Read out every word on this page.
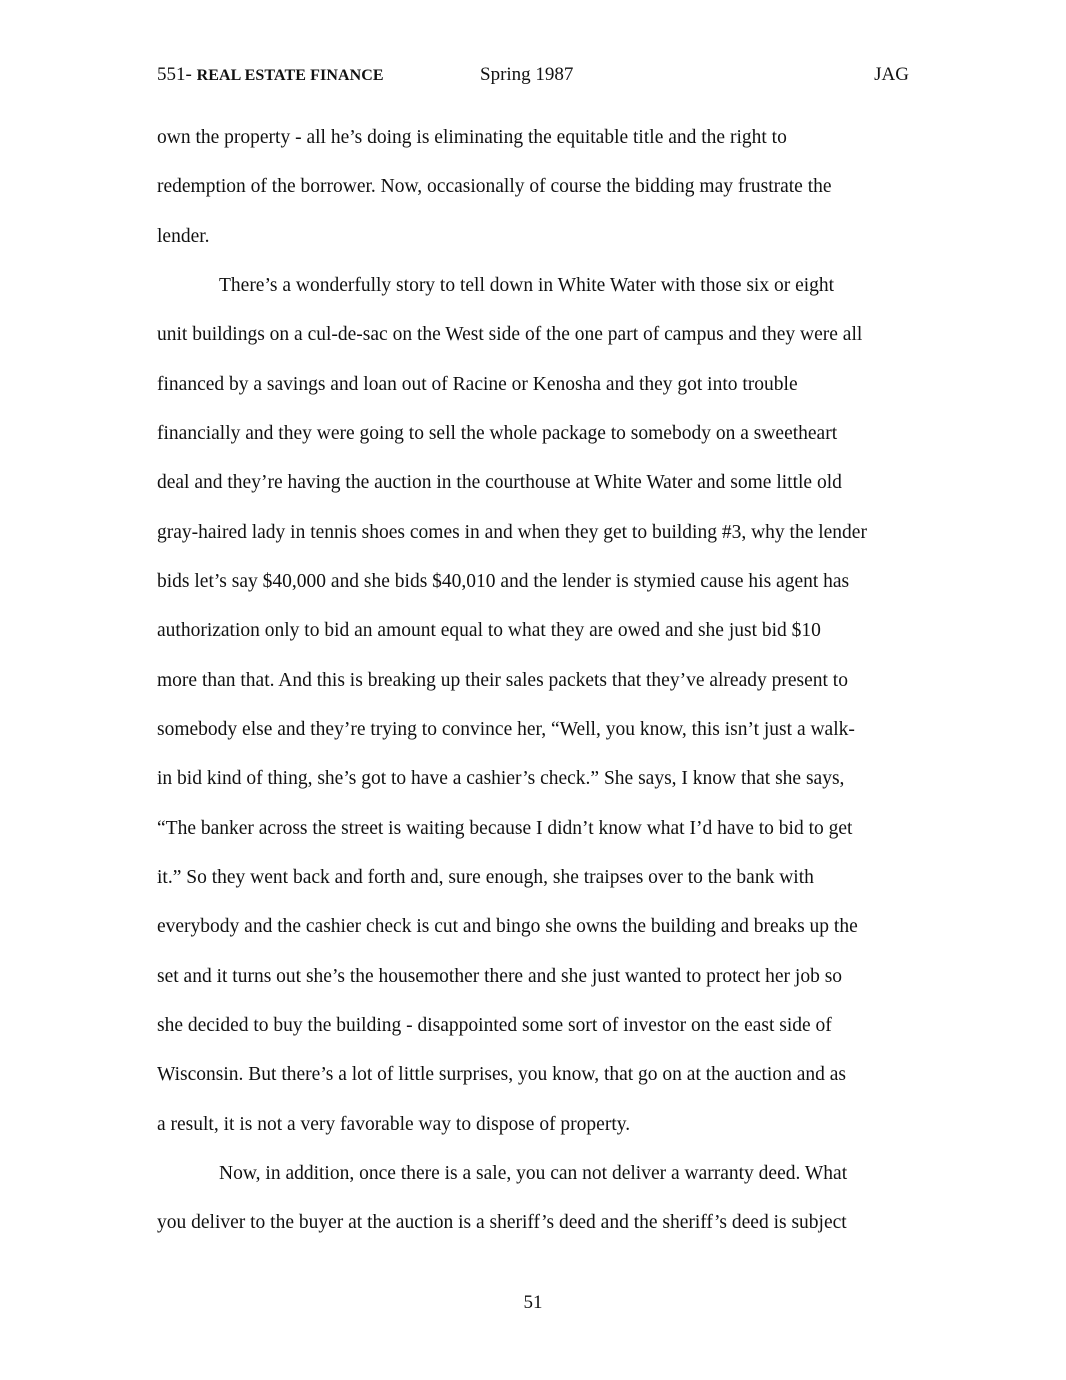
551- REAL ESTATE FINANCE	Spring 1987	JAG
own the property - all he’s doing is eliminating the equitable title and the right to
redemption of the borrower. Now, occasionally of course the bidding may frustrate the
lender.
There’s a wonderfully story to tell down in White Water with those six or eight
unit buildings on a cul-de-sac on the West side of the one part of campus and they were all
financed by a savings and loan out of Racine or Kenosha and they got into trouble
financially and they were going to sell the whole package to somebody on a sweetheart
deal and they’re having the auction in the courthouse at White Water and some little old
gray-haired lady in tennis shoes comes in and when they get to building #3, why the lender
bids let’s say $40,000 and she bids $40,010 and the lender is stymied cause his agent has
authorization only to bid an amount equal to what they are owed and she just bid $10
more than that. And this is breaking up their sales packets that they’ve already present to
somebody else and they’re trying to convince her, “Well, you know, this isn’t just a walk-
in bid kind of thing, she’s got to have a cashier’s check.” She says, I know that she says,
“The banker across the street is waiting because I didn’t know what I’d have to bid to get
it.” So they went back and forth and, sure enough, she traipses over to the bank with
everybody and the cashier check is cut and bingo she owns the building and breaks up the
set and it turns out she’s the housemother there and she just wanted to protect her job so
she decided to buy the building - disappointed some sort of investor on the east side of
Wisconsin. But there’s a lot of little surprises, you know, that go on at the auction and as
a result, it is not a very favorable way to dispose of property.
Now, in addition, once there is a sale, you can not deliver a warranty deed. What
you deliver to the buyer at the auction is a sheriff’s deed and the sheriff’s deed is subject
51
